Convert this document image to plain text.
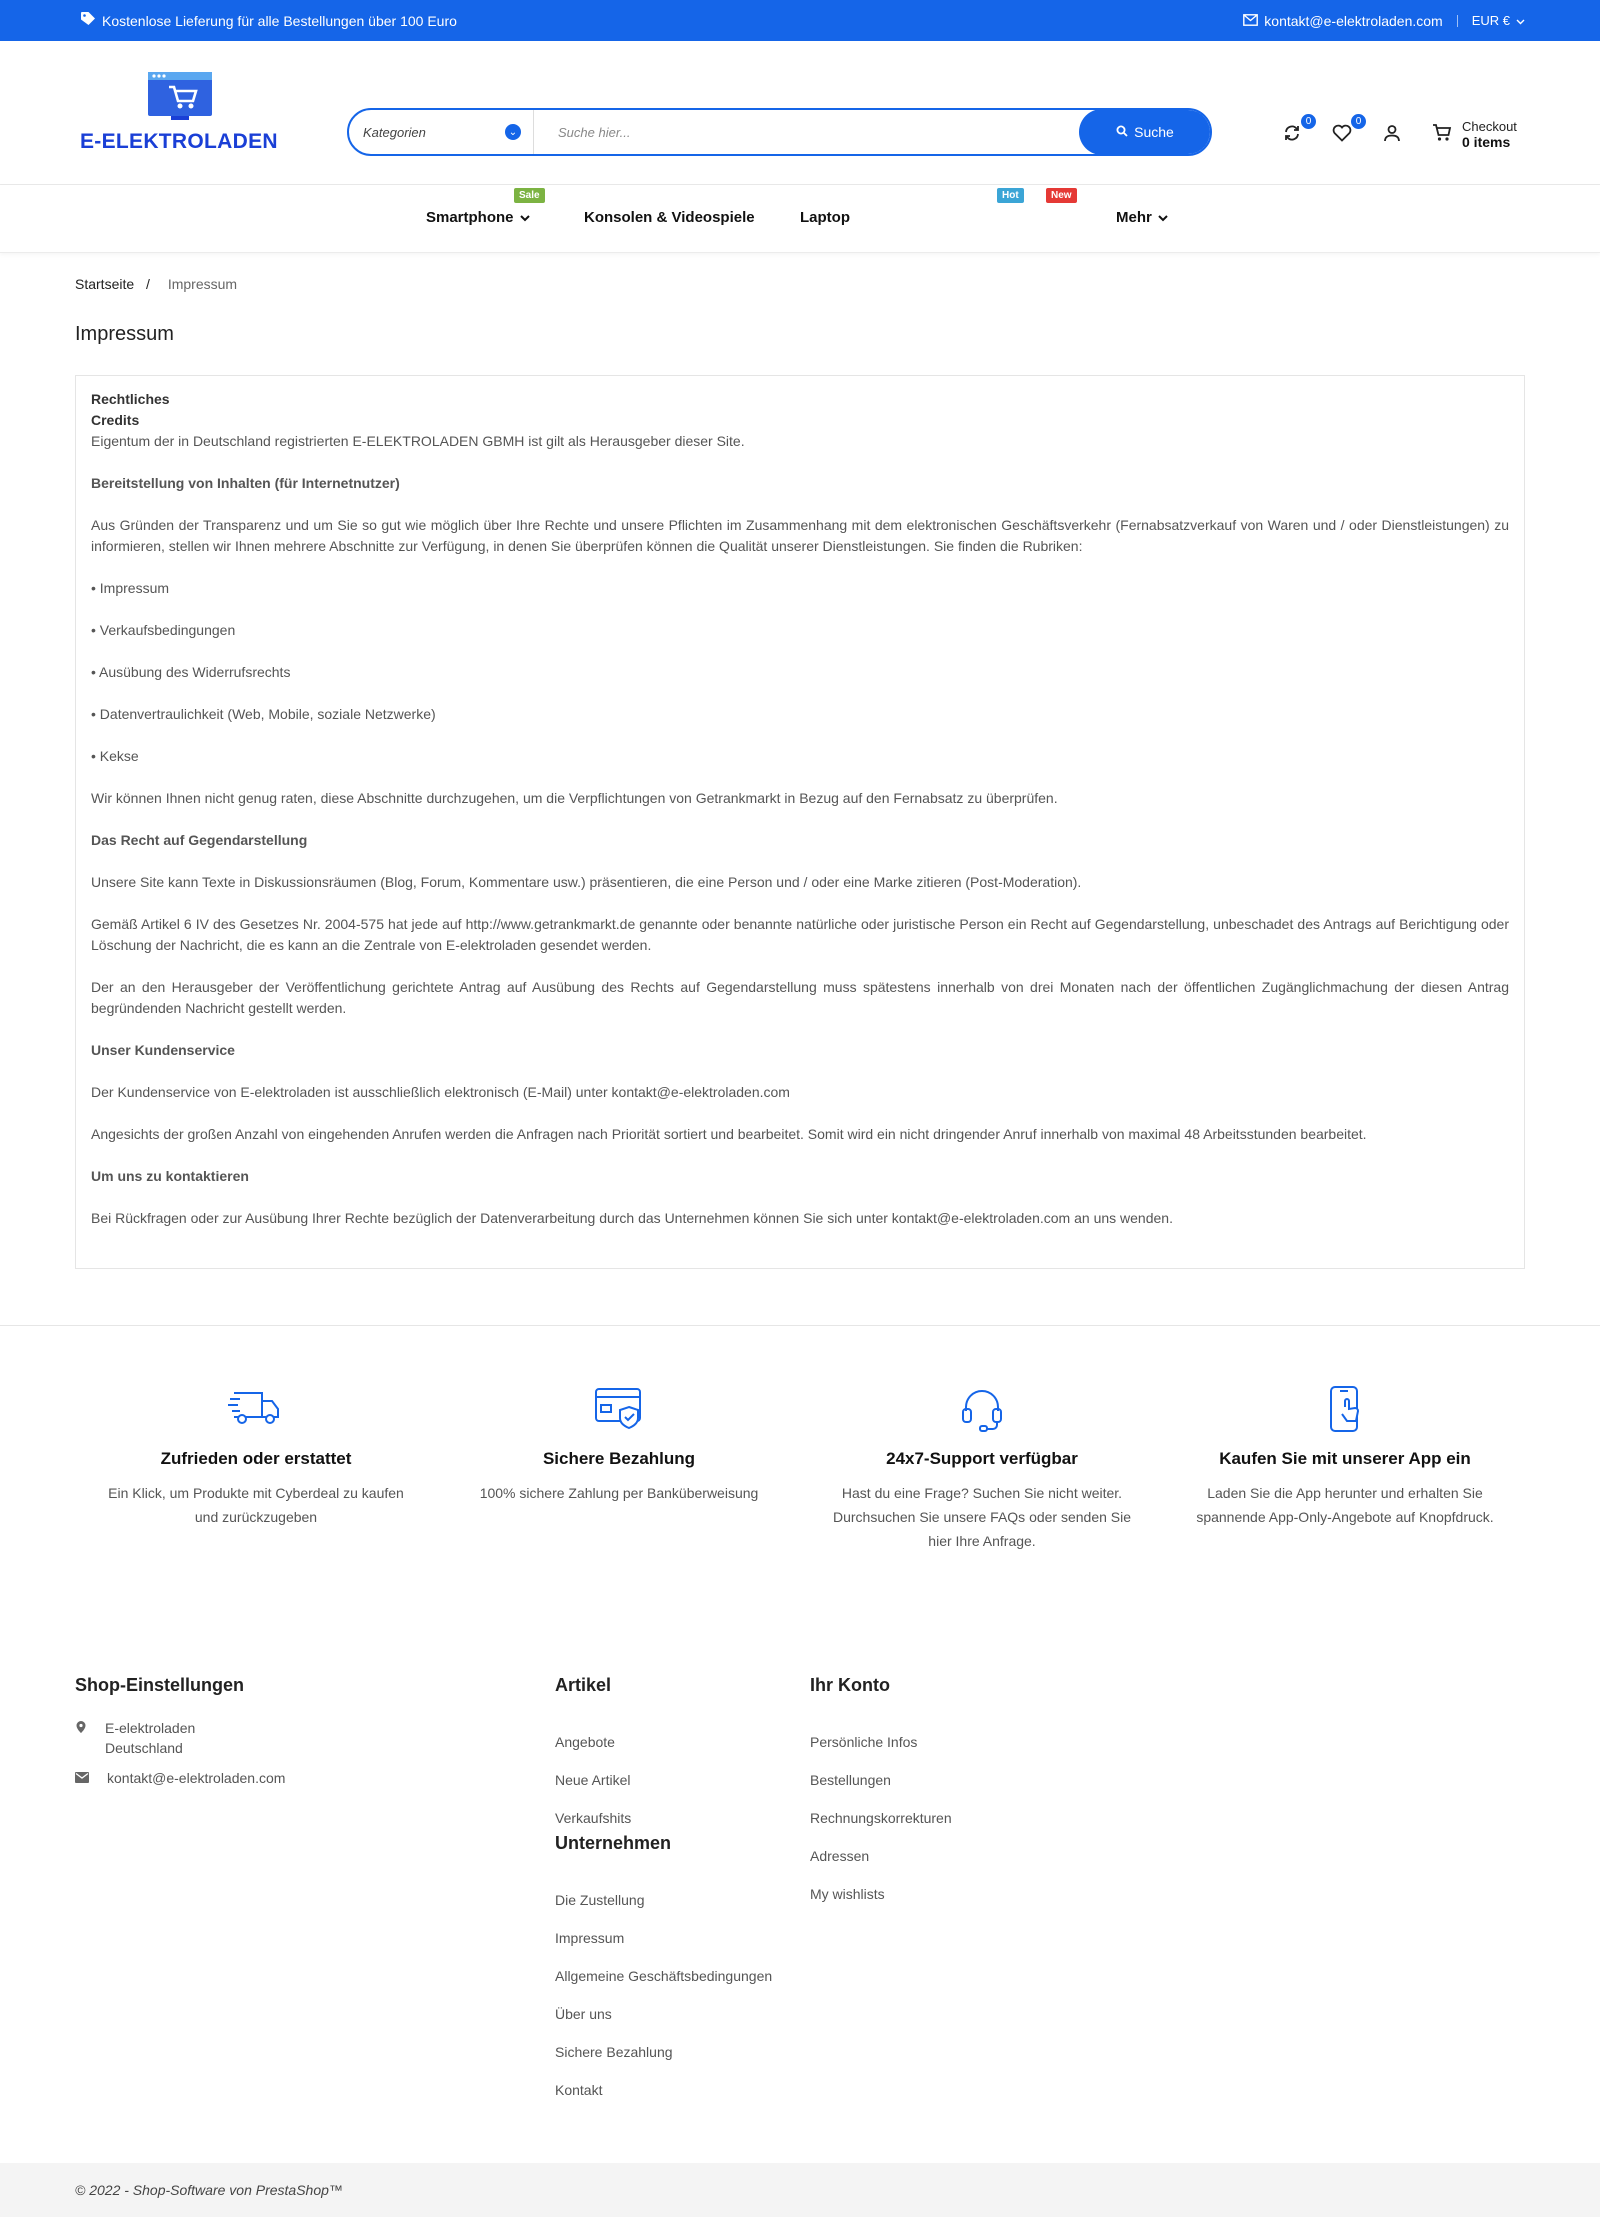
Kostenlose Lieferung für alle Bestellungen über 100 Euro	kontakt@e-elektroladen.com EUR €
E-ELEKTROLADEN	Kategorien	⌄	Suche hier...	Suche
0	0	Checkout
0 items
Sale	Hot	New
Smartphone	Konsolen & Videospiele	Laptop	Mehr
Startseite / Impressum
Impressum
Rechtliches
Credits

Eigentum der in Deutschland registrierten E-ELEKTROLADEN GBMH ist gilt als Herausgeber dieser Site.

Bereitstellung von Inhalten (für Internetnutzer)

Aus Gründen der Transparenz und um Sie so gut wie möglich über Ihre Rechte und unsere Pflichten im Zusammenhang mit dem elektronischen Geschäftsverkehr (Fernabsatzverkauf von Waren und / oder Dienstleistungen) zu informieren, stellen wir Ihnen mehrere Abschnitte zur Verfügung, in denen Sie überprüfen können die Qualität unserer Dienstleistungen. Sie finden die Rubriken:

• Impressum

• Verkaufsbedingungen

• Ausübung des Widerrufsrechts

• Datenvertraulichkeit (Web, Mobile, soziale Netzwerke)

• Kekse

Wir können Ihnen nicht genug raten, diese Abschnitte durchzugehen, um die Verpflichtungen von Getrankmarkt in Bezug auf den Fernabsatz zu überprüfen.

Das Recht auf Gegendarstellung

Unsere Site kann Texte in Diskussionsräumen (Blog, Forum, Kommentare usw.) präsentieren, die eine Person und / oder eine Marke zitieren (Post-Moderation).

Gemäß Artikel 6 IV des Gesetzes Nr. 2004-575 hat jede auf http://www.getrankmarkt.de genannte oder benannte natürliche oder juristische Person ein Recht auf Gegendarstellung, unbeschadet des Antrags auf Berichtigung oder Löschung der Nachricht, die es kann an die Zentrale von E-elektroladen gesendet werden.

Der an den Herausgeber der Veröffentlichung gerichtete Antrag auf Ausübung des Rechts auf Gegendarstellung muss spätestens innerhalb von drei Monaten nach der öffentlichen Zugänglichmachung der diesen Antrag begründenden Nachricht gestellt werden.

Unser Kundenservice

Der Kundenservice von E-elektroladen ist ausschließlich elektronisch (E-Mail) unter kontakt@e-elektroladen.com

Angesichts der großen Anzahl von eingehenden Anrufen werden die Anfragen nach Priorität sortiert und bearbeitet. Somit wird ein nicht dringender Anruf innerhalb von maximal 48 Arbeitsstunden bearbeitet.

Um uns zu kontaktieren

Bei Rückfragen oder zur Ausübung Ihrer Rechte bezüglich der Datenverarbeitung durch das Unternehmen können Sie sich unter kontakt@e-elektroladen.com an uns wenden.

Zufrieden oder erstattet
Ein Klick, um Produkte mit Cyberdeal zu kaufen und zurückzugeben
Sichere Bezahlung
100% sichere Zahlung per Banküberweisung
24x7-Support verfügbar
Hast du eine Frage? Suchen Sie nicht weiter. Durchsuchen Sie unsere FAQs oder senden Sie hier Ihre Anfrage.
Kaufen Sie mit unserer App ein
Laden Sie die App herunter und erhalten Sie spannende App-Only-Angebote auf Knopfdruck.
Shop-Einstellungen
E-elektroladen
Deutschland
kontakt@e-elektroladen.com
Artikel
Angebote
Neue Artikel
Verkaufshits
Unternehmen
Die Zustellung
Impressum
Allgemeine Geschäftsbedingungen
Über uns
Sichere Bezahlung
Kontakt
Ihr Konto
Persönliche Infos
Bestellungen
Rechnungskorrekturen
Adressen
My wishlists
© 2022 - Shop-Software von PrestaShop™
